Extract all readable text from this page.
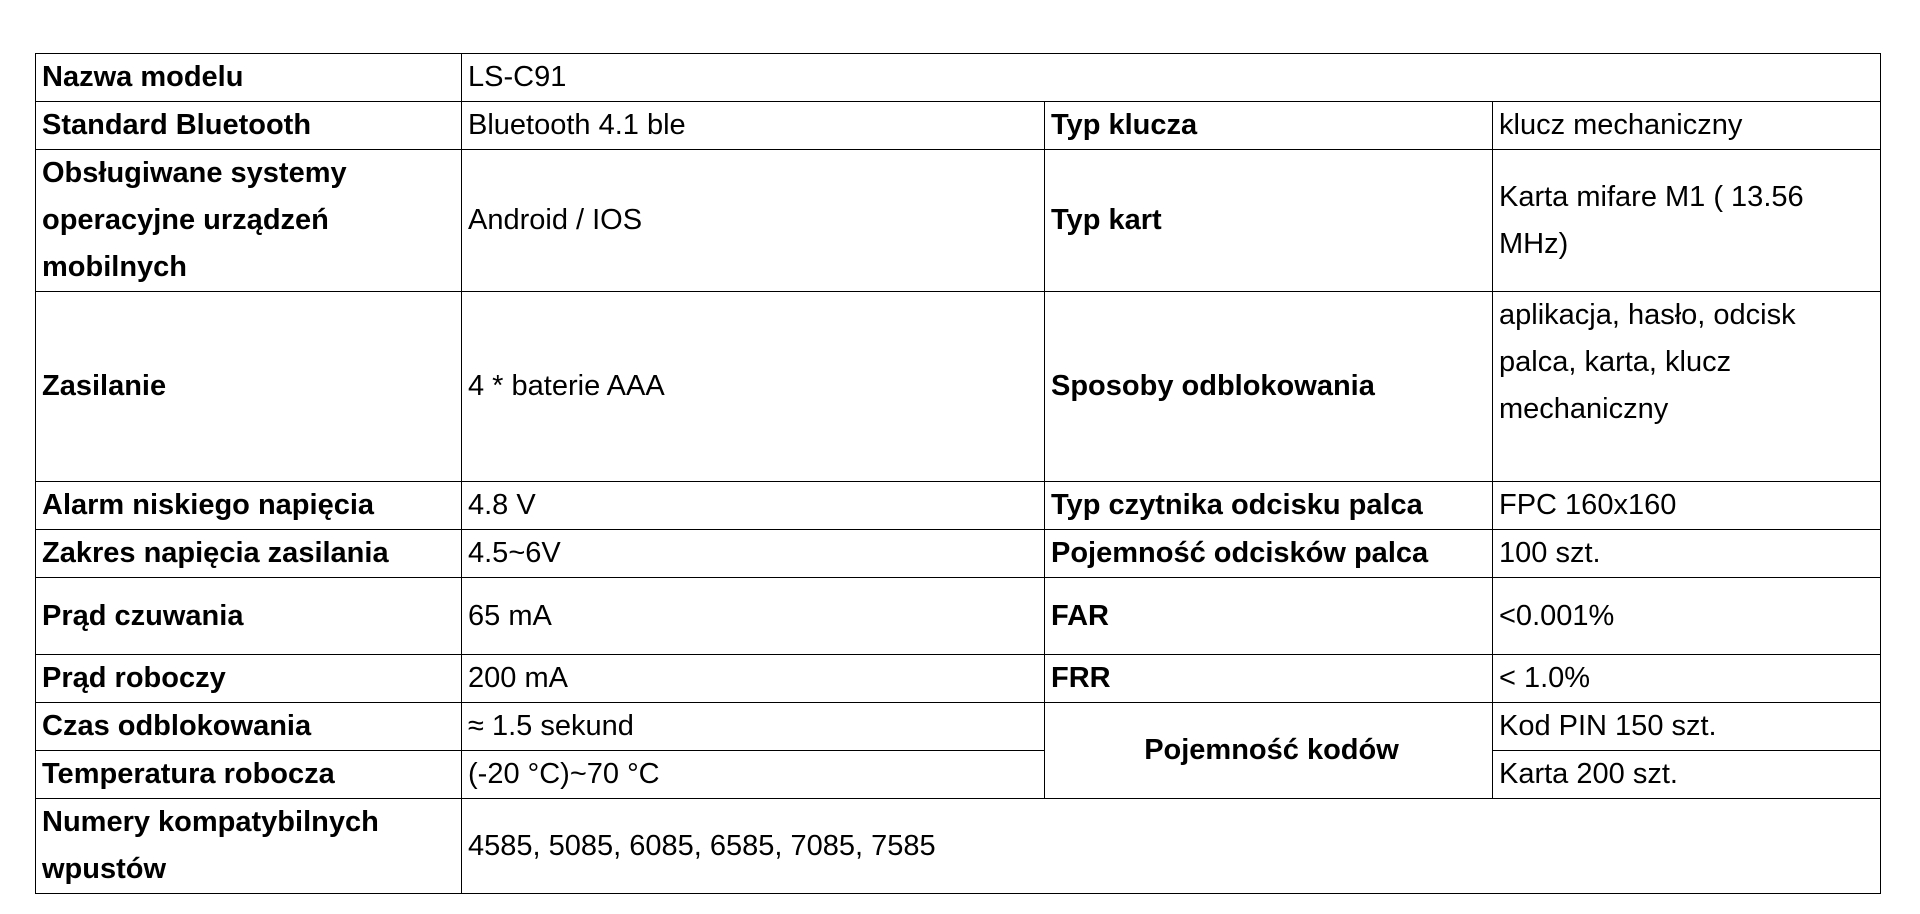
Nazwa modelu	LS-C91		
Standard Bluetooth	Bluetooth 4.1 ble	Typ klucza	klucz mechaniczny
Obsługiwane systemy operacyjne urządzeń mobilnych	Android / IOS	Typ kart	Karta mifare M1 ( 13.56 MHz)
Zasilanie	4 * baterie AAA	Sposoby odblokowania	aplikacja, hasło, odcisk palca, karta, klucz mechaniczny
Alarm niskiego napięcia	4.8 V	Typ czytnika odcisku palca	FPC 160x160
Zakres napięcia zasilania	4.5~6V	Pojemność odcisków palca	100 szt.
Prąd czuwania	65 mA	FAR	<0.001%
Prąd roboczy	200 mA	FRR	< 1.0%
Czas odblokowania	≈ 1.5 sekund	Pojemność kodów	Kod PIN 150 szt.
Temperatura robocza	(-20 °C)~70 °C		Karta 200 szt.
Numery kompatybilnych wpustów	4585, 5085, 6085, 6585, 7085, 7585		
